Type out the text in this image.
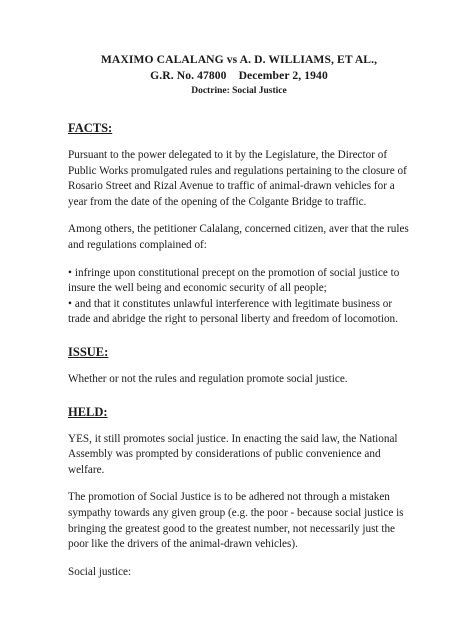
MAXIMO CALALANG vs A. D. WILLIAMS, ET AL.,
G.R. No. 47800    December 2, 1940
Doctrine: Social Justice
FACTS:

Pursuant to the power delegated to it by the Legislature, the Director of Public Works promulgated rules and regulations pertaining to the closure of Rosario Street and Rizal Avenue to traffic of animal-drawn vehicles for a year from the date of the opening of the Colgante Bridge to traffic.

Among others, the petitioner Calalang, concerned citizen, aver that the rules and regulations complained of:

• infringe upon constitutional precept on the promotion of social justice to insure the well being and economic security of all people;
• and that it constitutes unlawful interference with legitimate business or trade and abridge the right to personal liberty and freedom of locomotion.
ISSUE:

Whether or not the rules and regulation promote social justice.

HELD:

YES, it still promotes social justice. In enacting the said law, the National Assembly was prompted by considerations of public convenience and welfare.

The promotion of Social Justice is to be adhered not through a mistaken sympathy towards any given group (e.g. the poor - because social justice is bringing the greatest good to the greatest number, not necessarily just the poor like the drivers of the animal-drawn vehicles).

Social justice:
